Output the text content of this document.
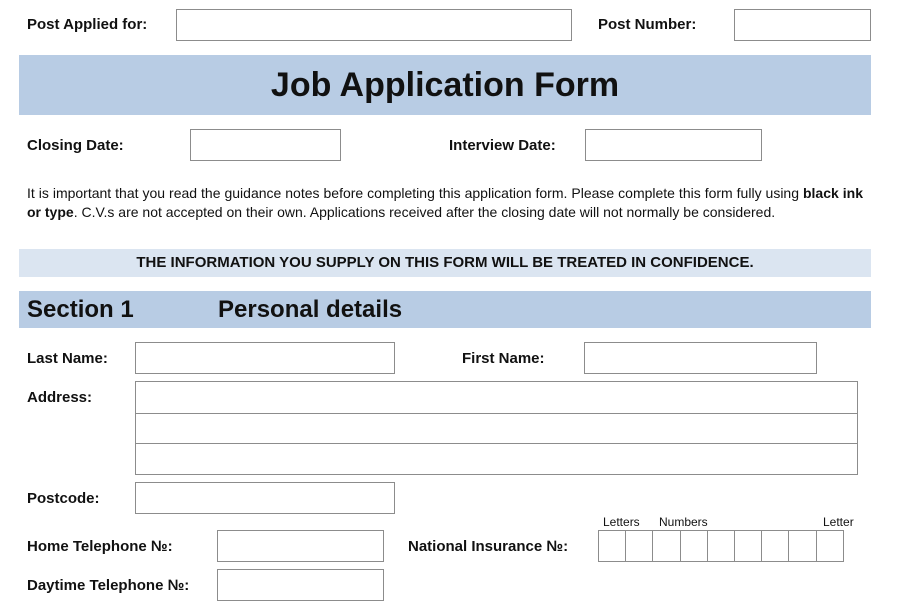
Post Applied for:	Post Number:
Job Application Form
Closing Date:	Interview Date:
It is important that you read the guidance notes before completing this application form. Please complete this form fully using black ink or type. C.V.s are not accepted on their own. Applications received after the closing date will not normally be considered.
THE INFORMATION YOU SUPPLY ON THIS FORM WILL BE TREATED IN CONFIDENCE.
Section 1	Personal details
Last Name:	First Name:
Address:
Postcode:
Home Telephone №:	National Insurance №:
Letters Numbers	Letter
Daytime Telephone №:
